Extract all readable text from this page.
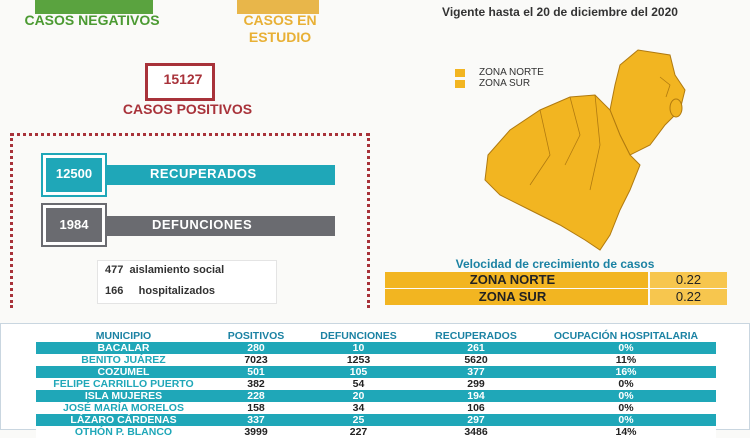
CASOS NEGATIVOS	CASOS EN ESTUDIO
15127
CASOS POSITIVOS
12500	RECUPERADOS
1984	DEFUNCIONES
477  aislamiento social
166     hospitalizados
Vigente hasta el 20 de diciembre del 2020
ZONA NORTE
ZONA SUR
Velocidad de crecimiento de casos
ZONA NORTE	0.22
ZONA SUR	0.22
MUNICIPIO	POSITIVOS	DEFUNCIONES	RECUPERADOS	OCUPACIÓN HOSPITALARIA
BACALAR	280	10	261	0%
BENITO JUÁREZ	7023	1253	5620	11%
COZUMEL	501	105	377	16%
FELIPE CARRILLO PUERTO	382	54	299	0%
ISLA MUJERES	228	20	194	0%
JOSÉ MARÍA MORELOS	158	34	106	0%
LÁZARO CÁRDENAS	337	25	297	0%
OTHÓN P. BLANCO	3999	227	3486	14%
